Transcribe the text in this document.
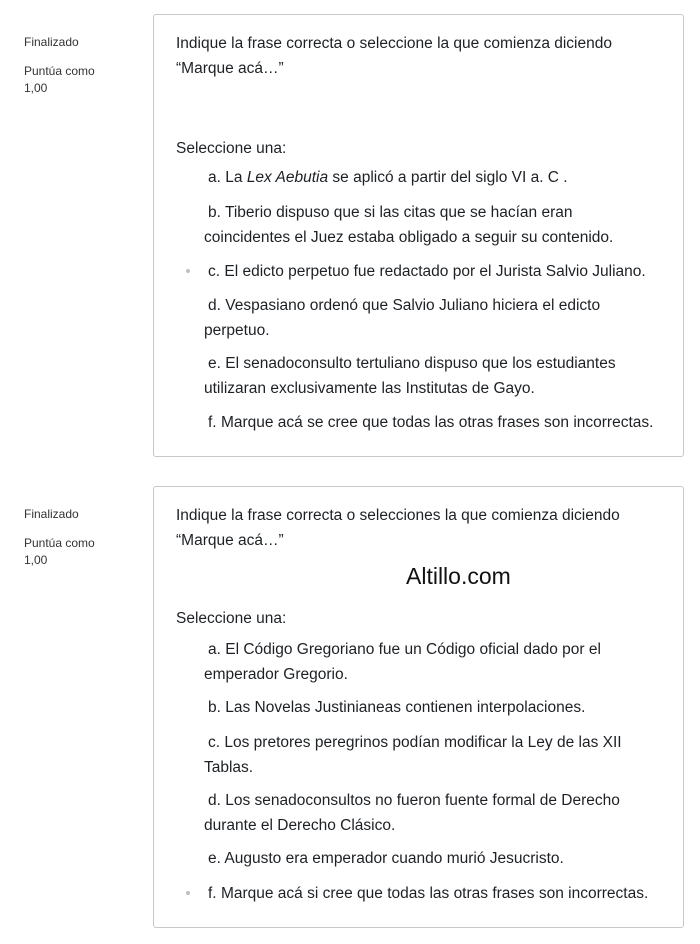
Finalizado
Puntúa como
1,00
Indique la frase correcta o seleccione la que comienza diciendo
“Marque acá…”
Seleccione una:
a. La Lex Aebutia se aplicó a partir del siglo VI a. C .
b. Tiberio dispuso que si las citas que se hacían eran
coincidentes el Juez estaba obligado a seguir su contenido.
c. El edicto perpetuo fue redactado por el Jurista Salvio Juliano.
d. Vespasiano ordenó que Salvio Juliano hiciera el edicto
perpetuo.
e. El senadoconsulto tertuliano dispuso que los estudiantes
utilizaran exclusivamente las Institutas de Gayo.
f. Marque acá se cree que todas las otras frases son incorrectas.
Finalizado
Puntúa como
1,00
Indique la frase correcta o selecciones la que comienza diciendo
“Marque acá…”
Altillo.com
Seleccione una:
a. El Código Gregoriano fue un Código oficial dado por el
emperador Gregorio.
b. Las Novelas Justinianeas contienen interpolaciones.
c. Los pretores peregrinos podían modificar la Ley de las XII
Tablas.
d. Los senadoconsultos no fueron fuente formal de Derecho
durante el Derecho Clásico.
e. Augusto era emperador cuando murió Jesucristo.
f. Marque acá si cree que todas las otras frases son incorrectas.
